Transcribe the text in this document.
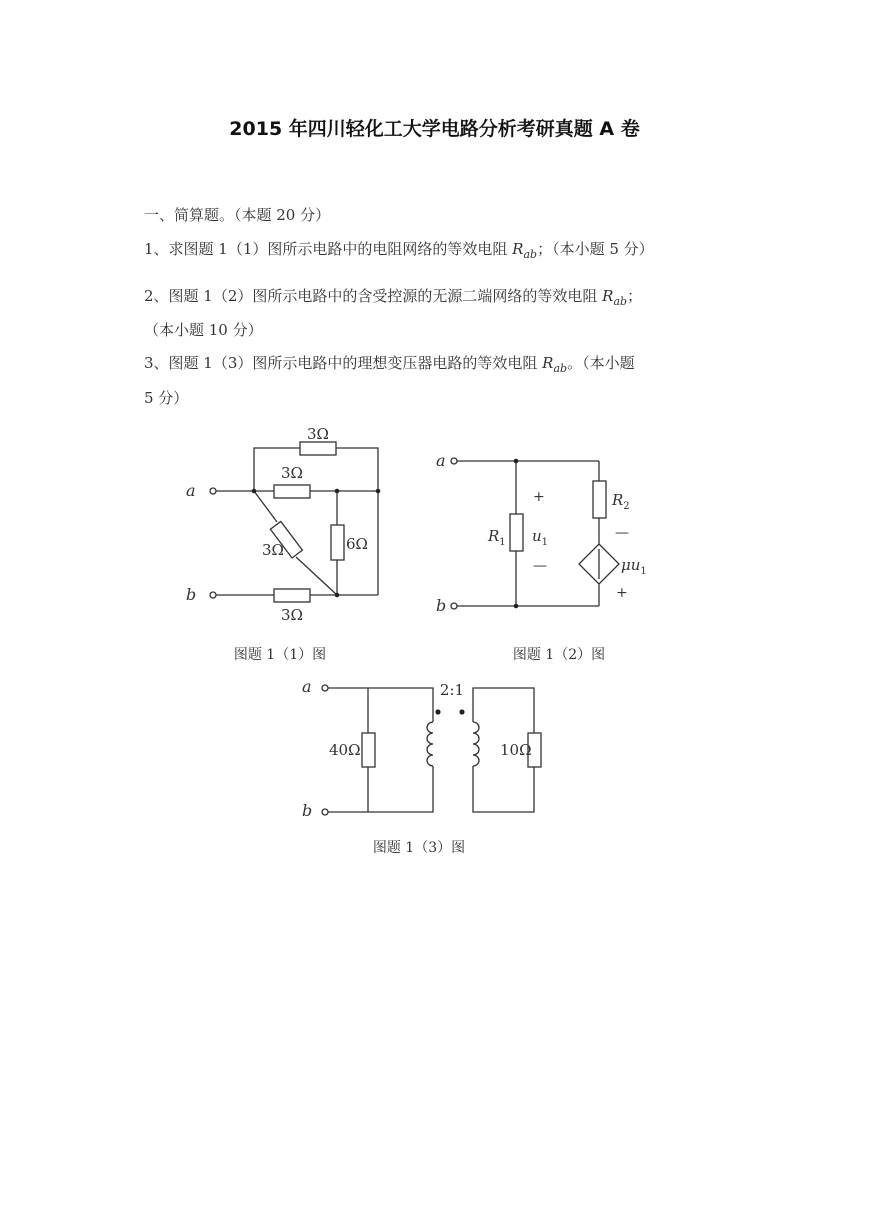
2015 年四川轻化工大学电路分析考研真题 A 卷
一、简算题。（本题 20 分）
1、求图题 1（1）图所示电路中的电阻网络的等效电阻 $R_{ab}$；（本小题 5 分）
2、图题 1（2）图所示电路中的含受控源的无源二端网络的等效电阻 $R_{ab}$；
（本小题 10 分）
3、图题 1（3）图所示电路中的理想变压器电路的等效电阻 $R_{ab}$。（本小题
5 分）
3Ω
3Ω
3Ω	6Ω
3Ω
a
b
图题 1（1）图
a
b
$R_1$ $u_1$
+
—
$R_2$
—
$\mu u_1$
+
图题 1（2）图
a
b
2:1
40Ω	10Ω
图题 1（3）图
